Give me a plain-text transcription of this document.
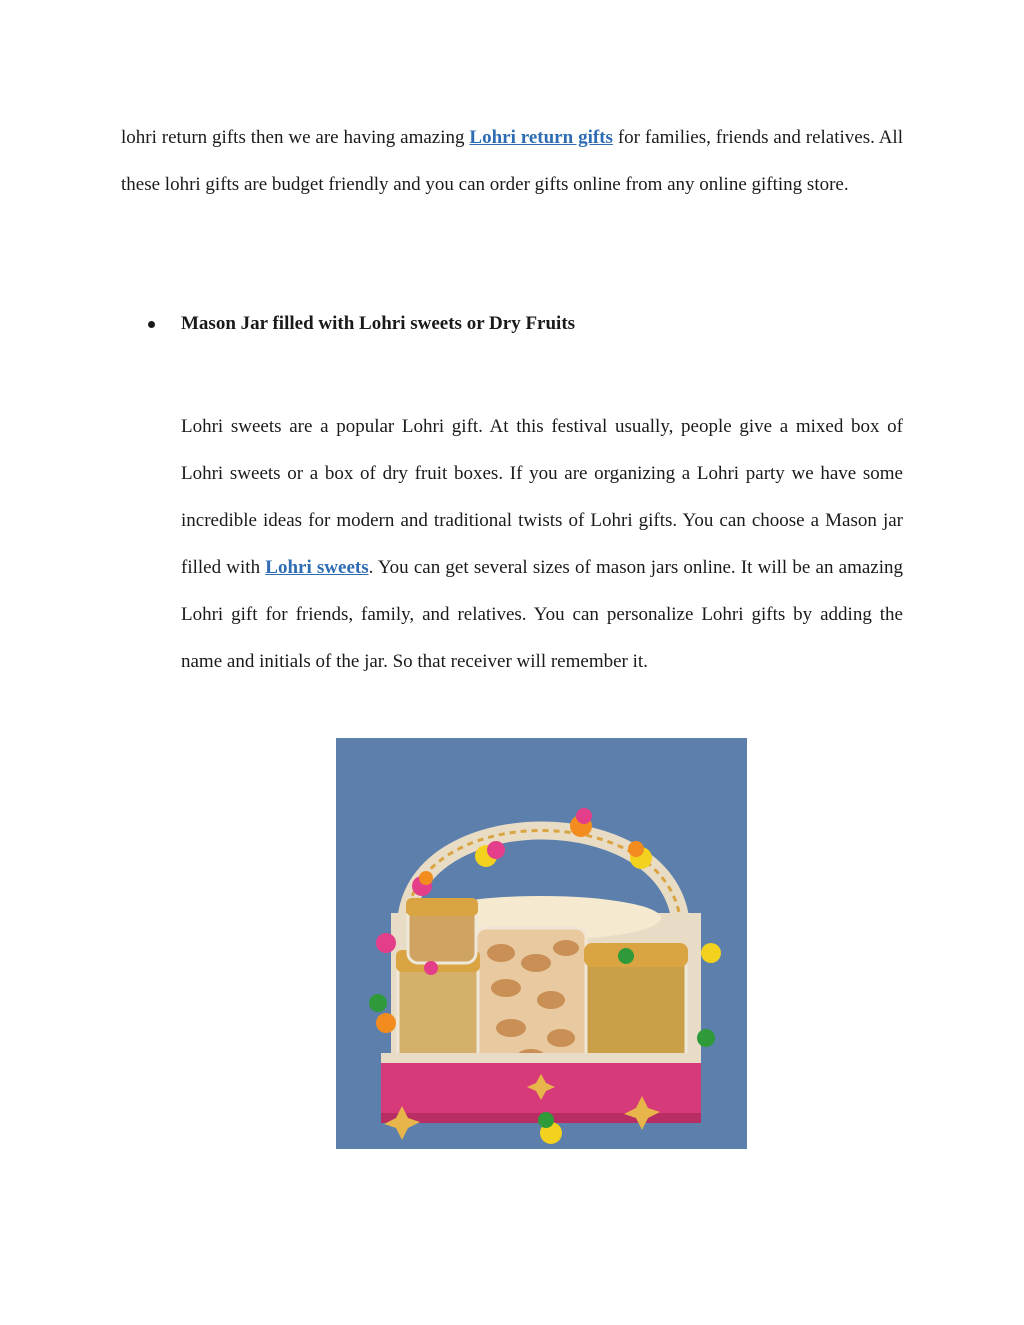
lohri return gifts then we are having amazing Lohri return gifts for families, friends and relatives. All these lohri gifts are budget friendly and you can order gifts online from any online gifting store.

Mason Jar filled with Lohri sweets or Dry Fruits

Lohri sweets are a popular Lohri gift. At this festival usually, people give a mixed box of Lohri sweets or a box of dry fruit boxes. If you are organizing a Lohri party we have some incredible ideas for modern and traditional twists of Lohri gifts. You can choose a Mason jar filled with Lohri sweets. You can get several sizes of mason jars online. It will be an amazing Lohri gift for friends, family, and relatives. You can personalize Lohri gifts by adding the name and initials of the jar. So that receiver will remember it.
